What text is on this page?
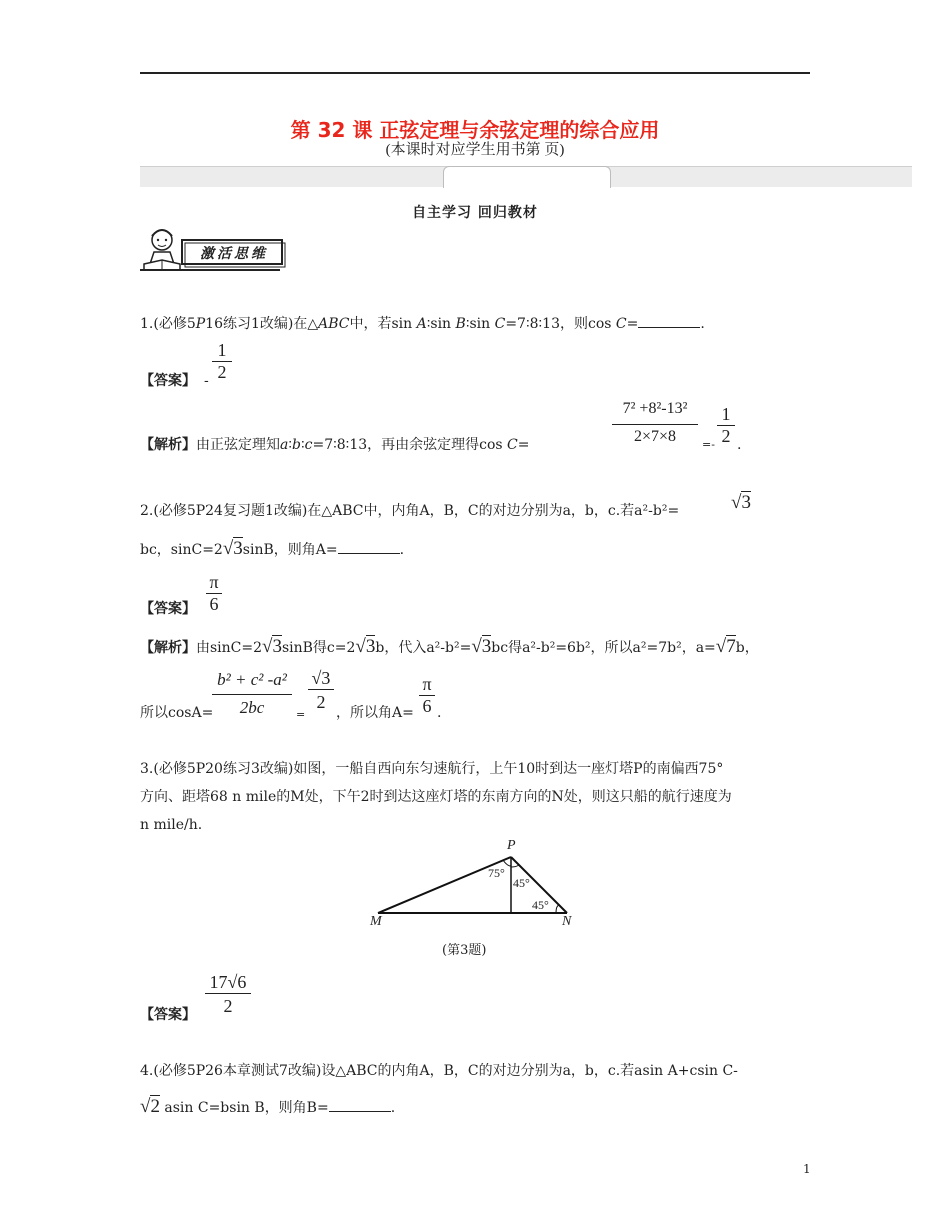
第 32 课 正弦定理与余弦定理的综合应用
(本课时对应学生用书第 页)
自主学习 回归教材
激活思维
1.(必修5P16练习1改编)在△ABC中，若sin A∶sin B∶sin C=7∶8∶13，则cos C=	.
【答案】 -
1
2
【解析】由正弦定理知a∶b∶c=7∶8∶13，再由余弦定理得cos C=
7² +8²-13²
2×7×8	=-
1
2 .
2.(必修5P24复习题1改编)在△ABC中，内角A，B，C的对边分别为a，b，c.若a²-b²=	√3
bc，sinC=2√3sinB，则角A=	.
【答案】
π
6
【解析】由sinC=2√3sinB得c=2√3b，代入a²-b²=√3bc得a²-b²=6b²，所以a²=7b²，a=√7b，
所以cosA=
b² + c² -a²
2bc	=
√3
2
，所以角A=
π
6 .
3.(必修5P20练习3改编)如图，一船自西向东匀速航行，上午10时到达一座灯塔P的南偏西75°
方向、距塔68 n mile的M处，下午2时到达这座灯塔的东南方向的N处，则这只船的航行速度为
n mile/h.
P
M	N
75°
45°
45°
(第3题)
【答案】
17√6
2
4.(必修5P26本章测试7改编)设△ABC的内角A，B，C的对边分别为a，b，c.若asin A+csin C-
√2 asin C=bsin B，则角B=	.
1
